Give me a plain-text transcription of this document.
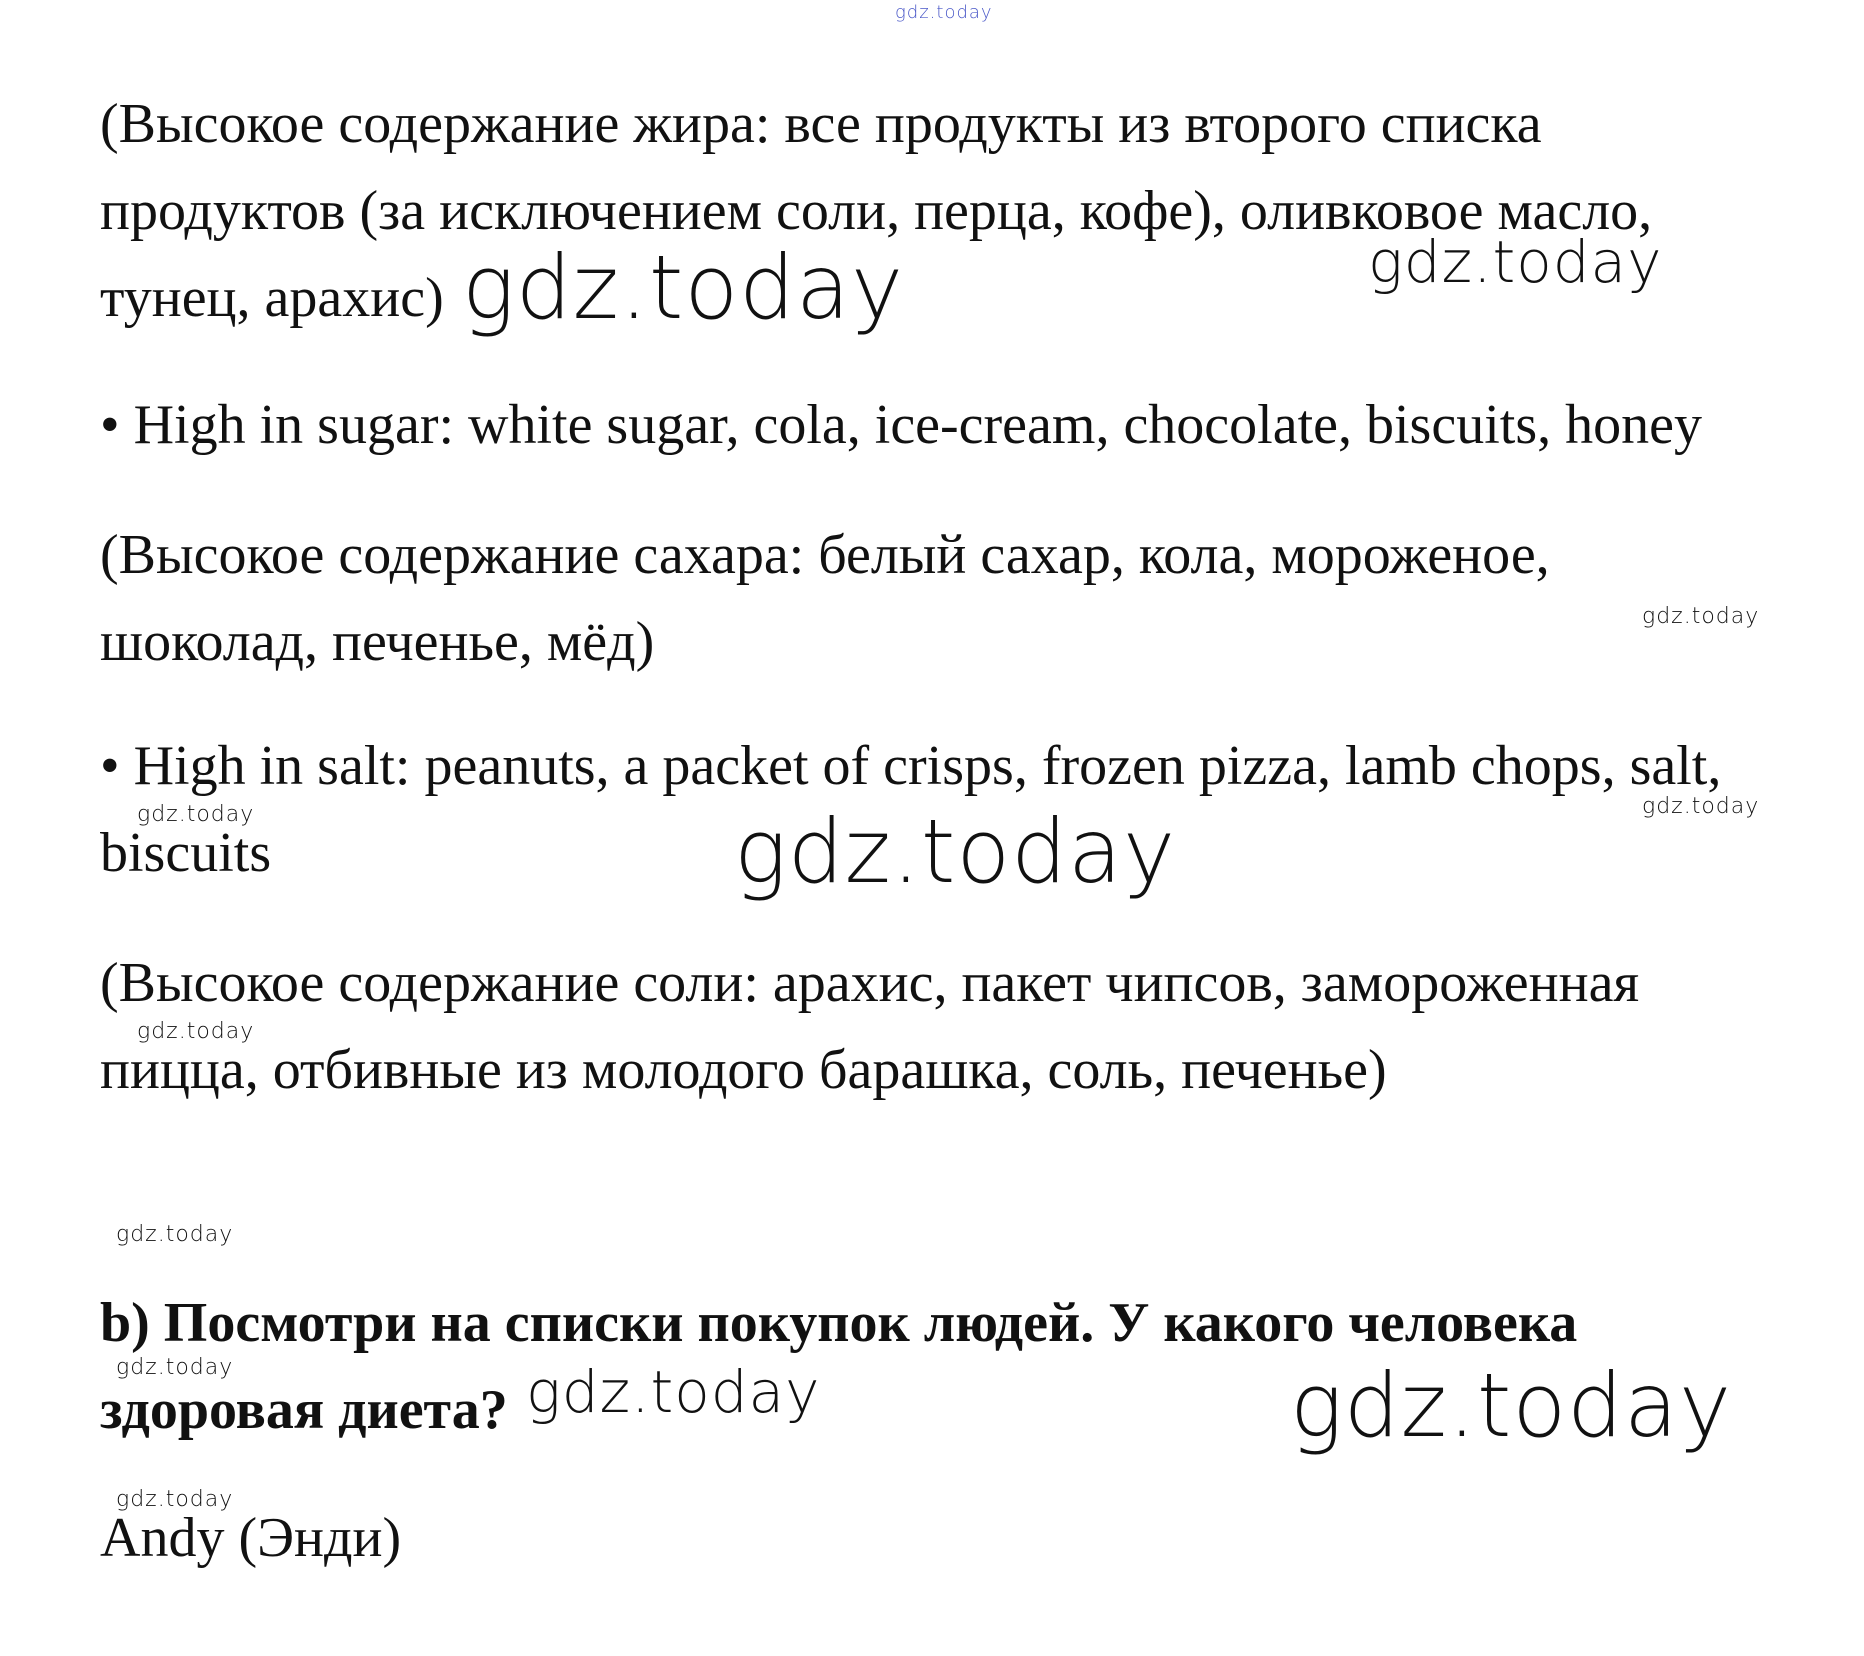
gdz.today
(Высокое содержание жира: все продукты из второго списка
продуктов (за исключением соли, перца, кофе), оливковое масло,
тунец, арахис) gdz.today	gdz.today
• High in sugar: white sugar, cola, ice-cream, chocolate, biscuits, honey
(Высокое содержание сахара: белый сахар, кола, мороженое,
шоколад, печенье, мёд)	gdz.today
• High in salt: peanuts, a packet of crisps, frozen pizza, lamb chops, salt,
gdz.today	gdz.today
biscuits	gdz.today
(Высокое содержание соли: арахис, пакет чипсов, замороженная
gdz.today
пицца, отбивные из молодого барашка, соль, печенье)
gdz.today
b) Посмотри на списки покупок людей. У какого человека
gdz.today
здоровая диета? gdz.today	gdz.today
gdz.today
Andy (Энди)
